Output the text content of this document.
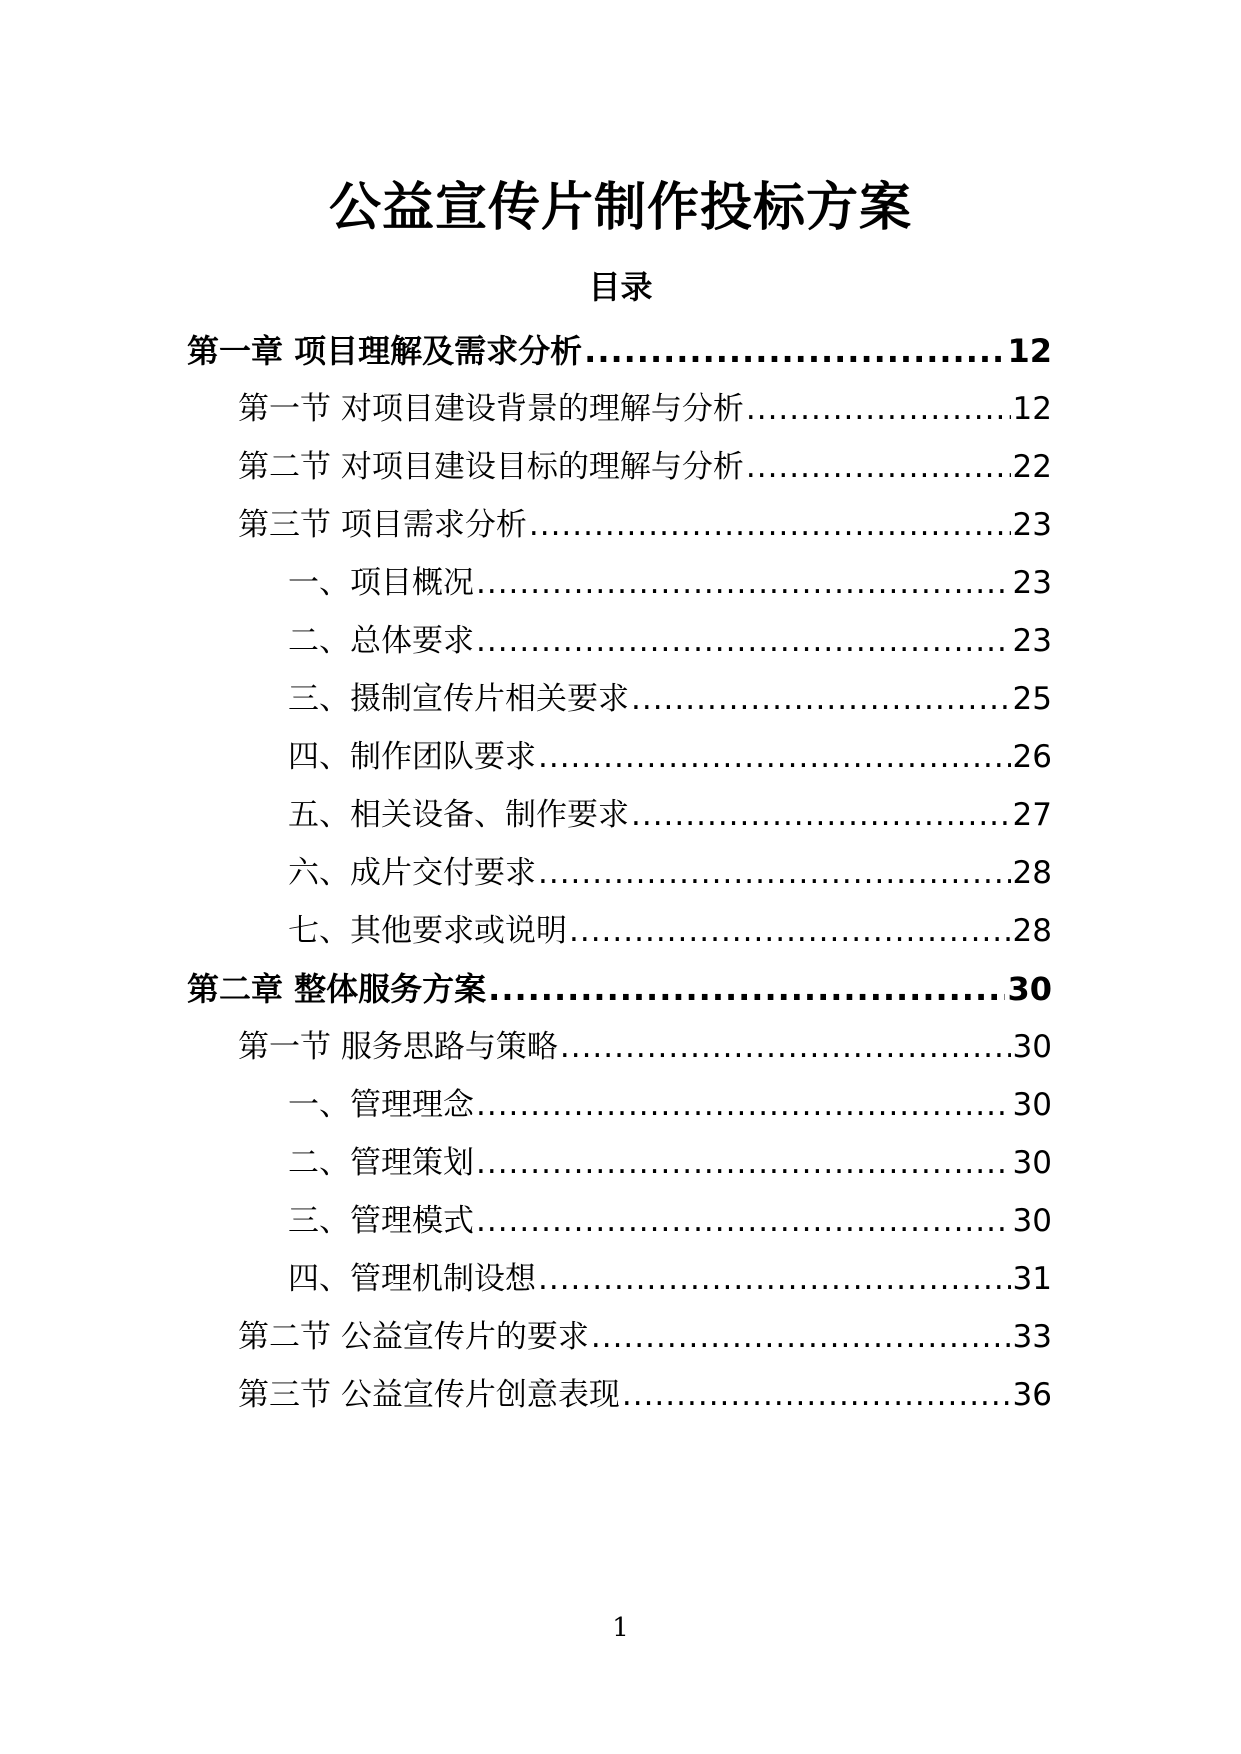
公益宣传片制作投标方案
目录
第一章 项目理解及需求分析 .....	12
第一节 对项目建设背景的理解与分析 .....	12
第二节 对项目建设目标的理解与分析 .....	22
第三节 项目需求分析 .....	23
一、项目概况 .....	23
二、总体要求 .....	23
三、摄制宣传片相关要求 .....	25
四、制作团队要求 .....	26
五、相关设备、制作要求 .....	27
六、成片交付要求 .....	28
七、其他要求或说明 .....	28
第二章 整体服务方案 .....	30
第一节 服务思路与策略 .....	30
一、管理理念 .....	30
二、管理策划 .....	30
三、管理模式 .....	30
四、管理机制设想 .....	31
第二节 公益宣传片的要求 .....	33
第三节 公益宣传片创意表现 .....	36
1
